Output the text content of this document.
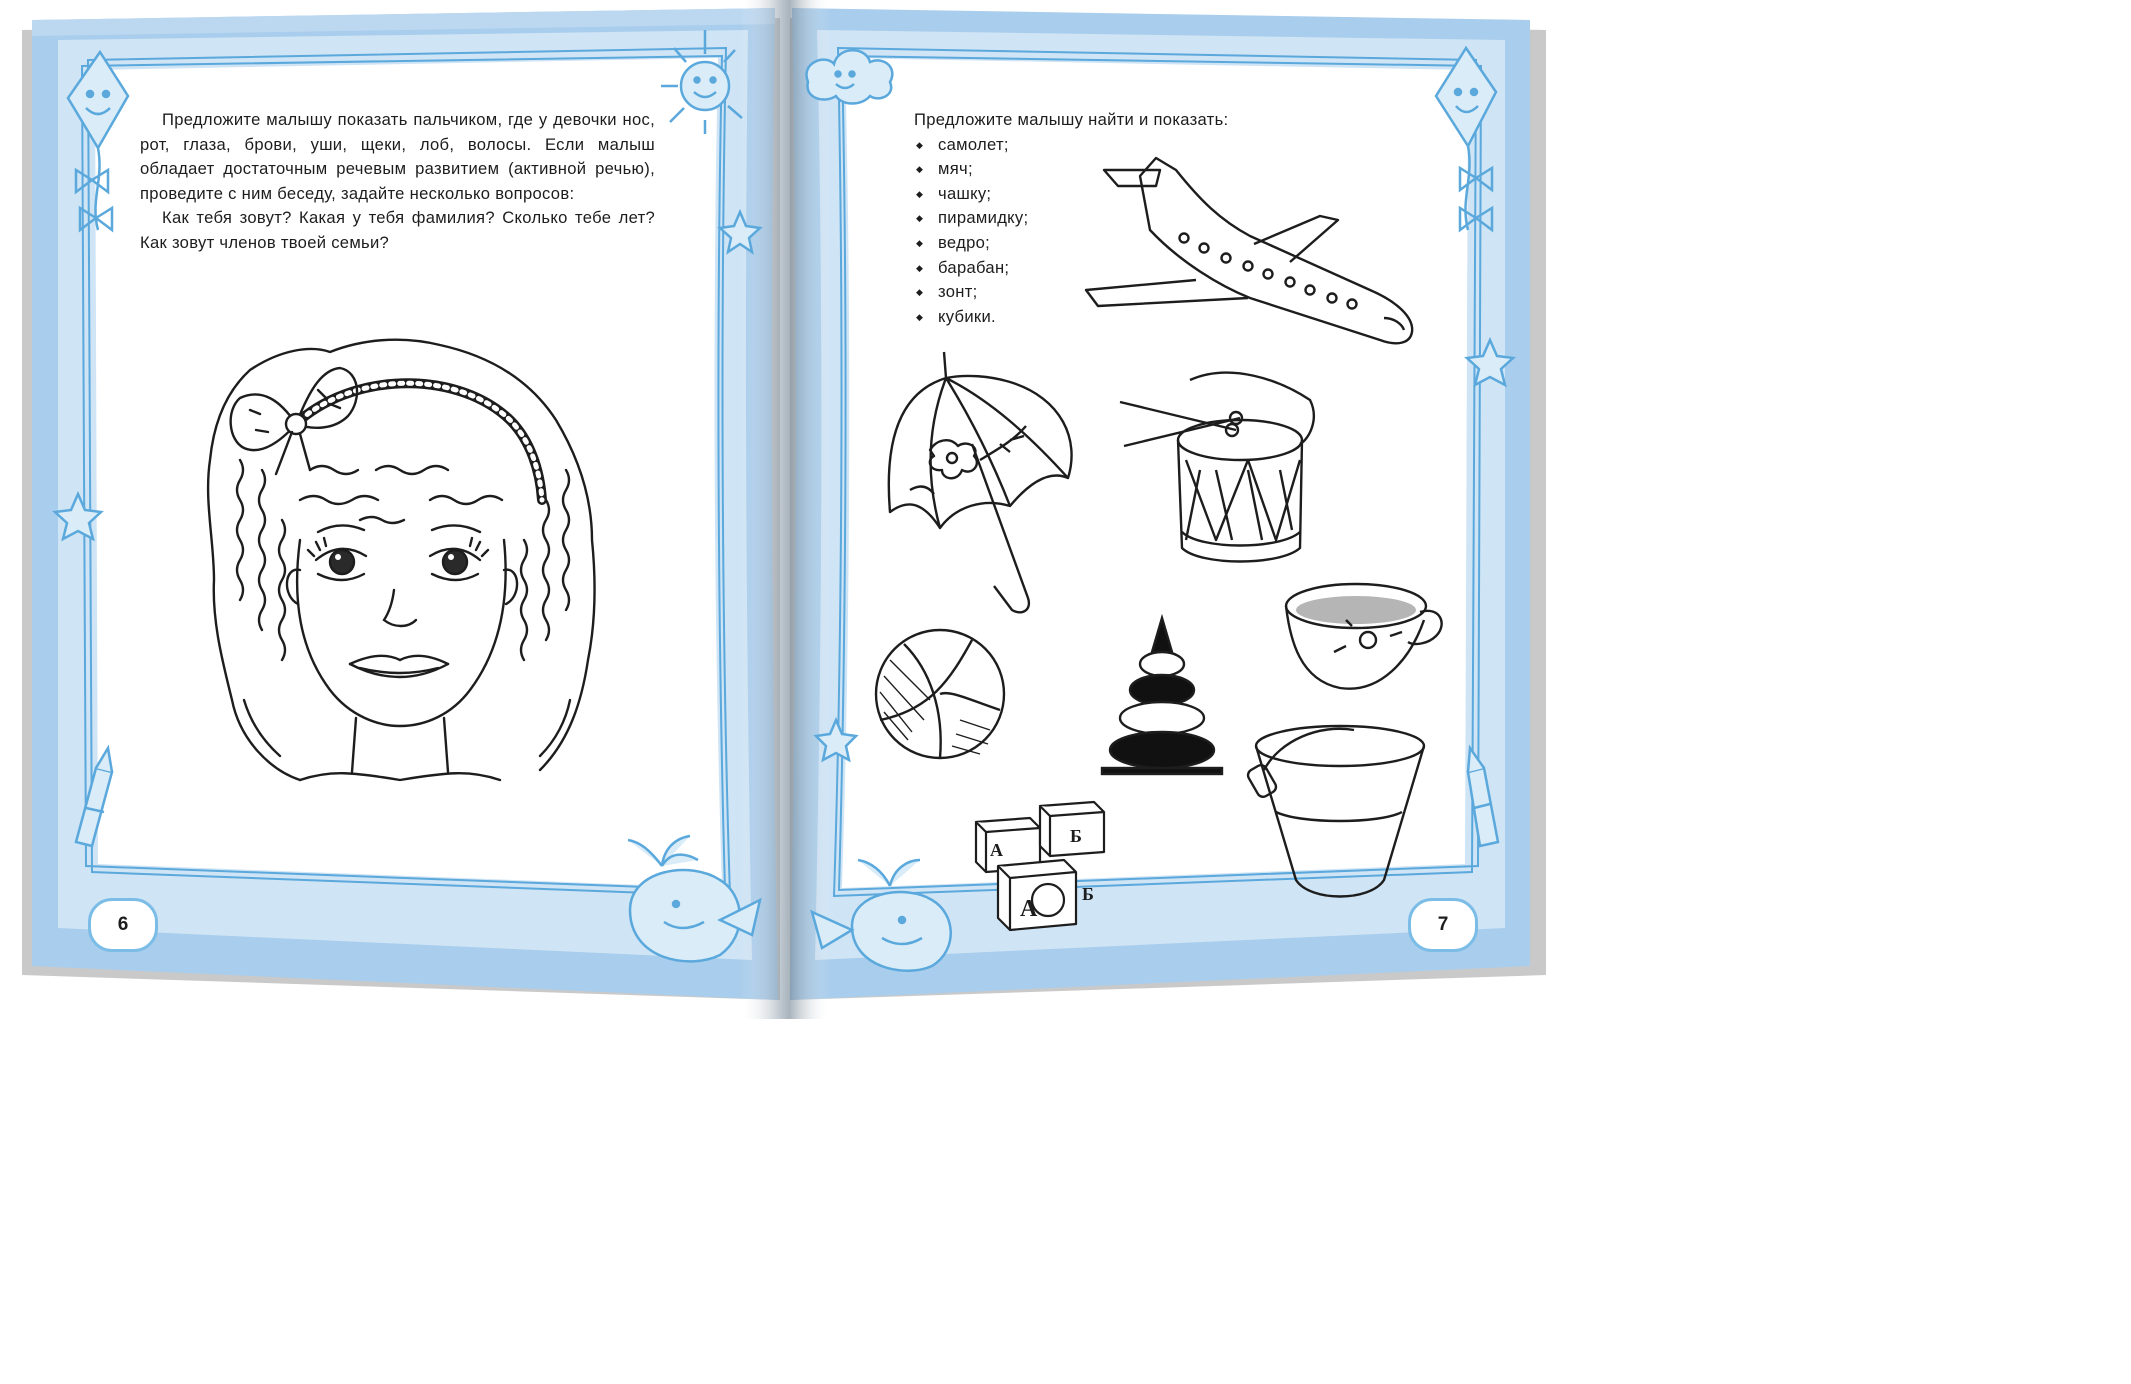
А
Б
А
Б

Предложите малышу показать пальчиком, где у девочки нос, рот, глаза, брови, уши, щеки, лоб, волосы. Если малыш обладает достаточным речевым развитием (активной речью), проведите с ним беседу, задайте несколько вопросов:

Как тебя зовут? Какая у тебя фамилия? Сколько тебе лет? Как зовут членов твоей семьи?

Предложите малышу найти и показать:

◆ самолет;
◆ мяч;
◆ чашку;
◆ пирамидку;
◆ ведро;
◆ барабан;
◆ зонт;
◆ кубики.
6	7
